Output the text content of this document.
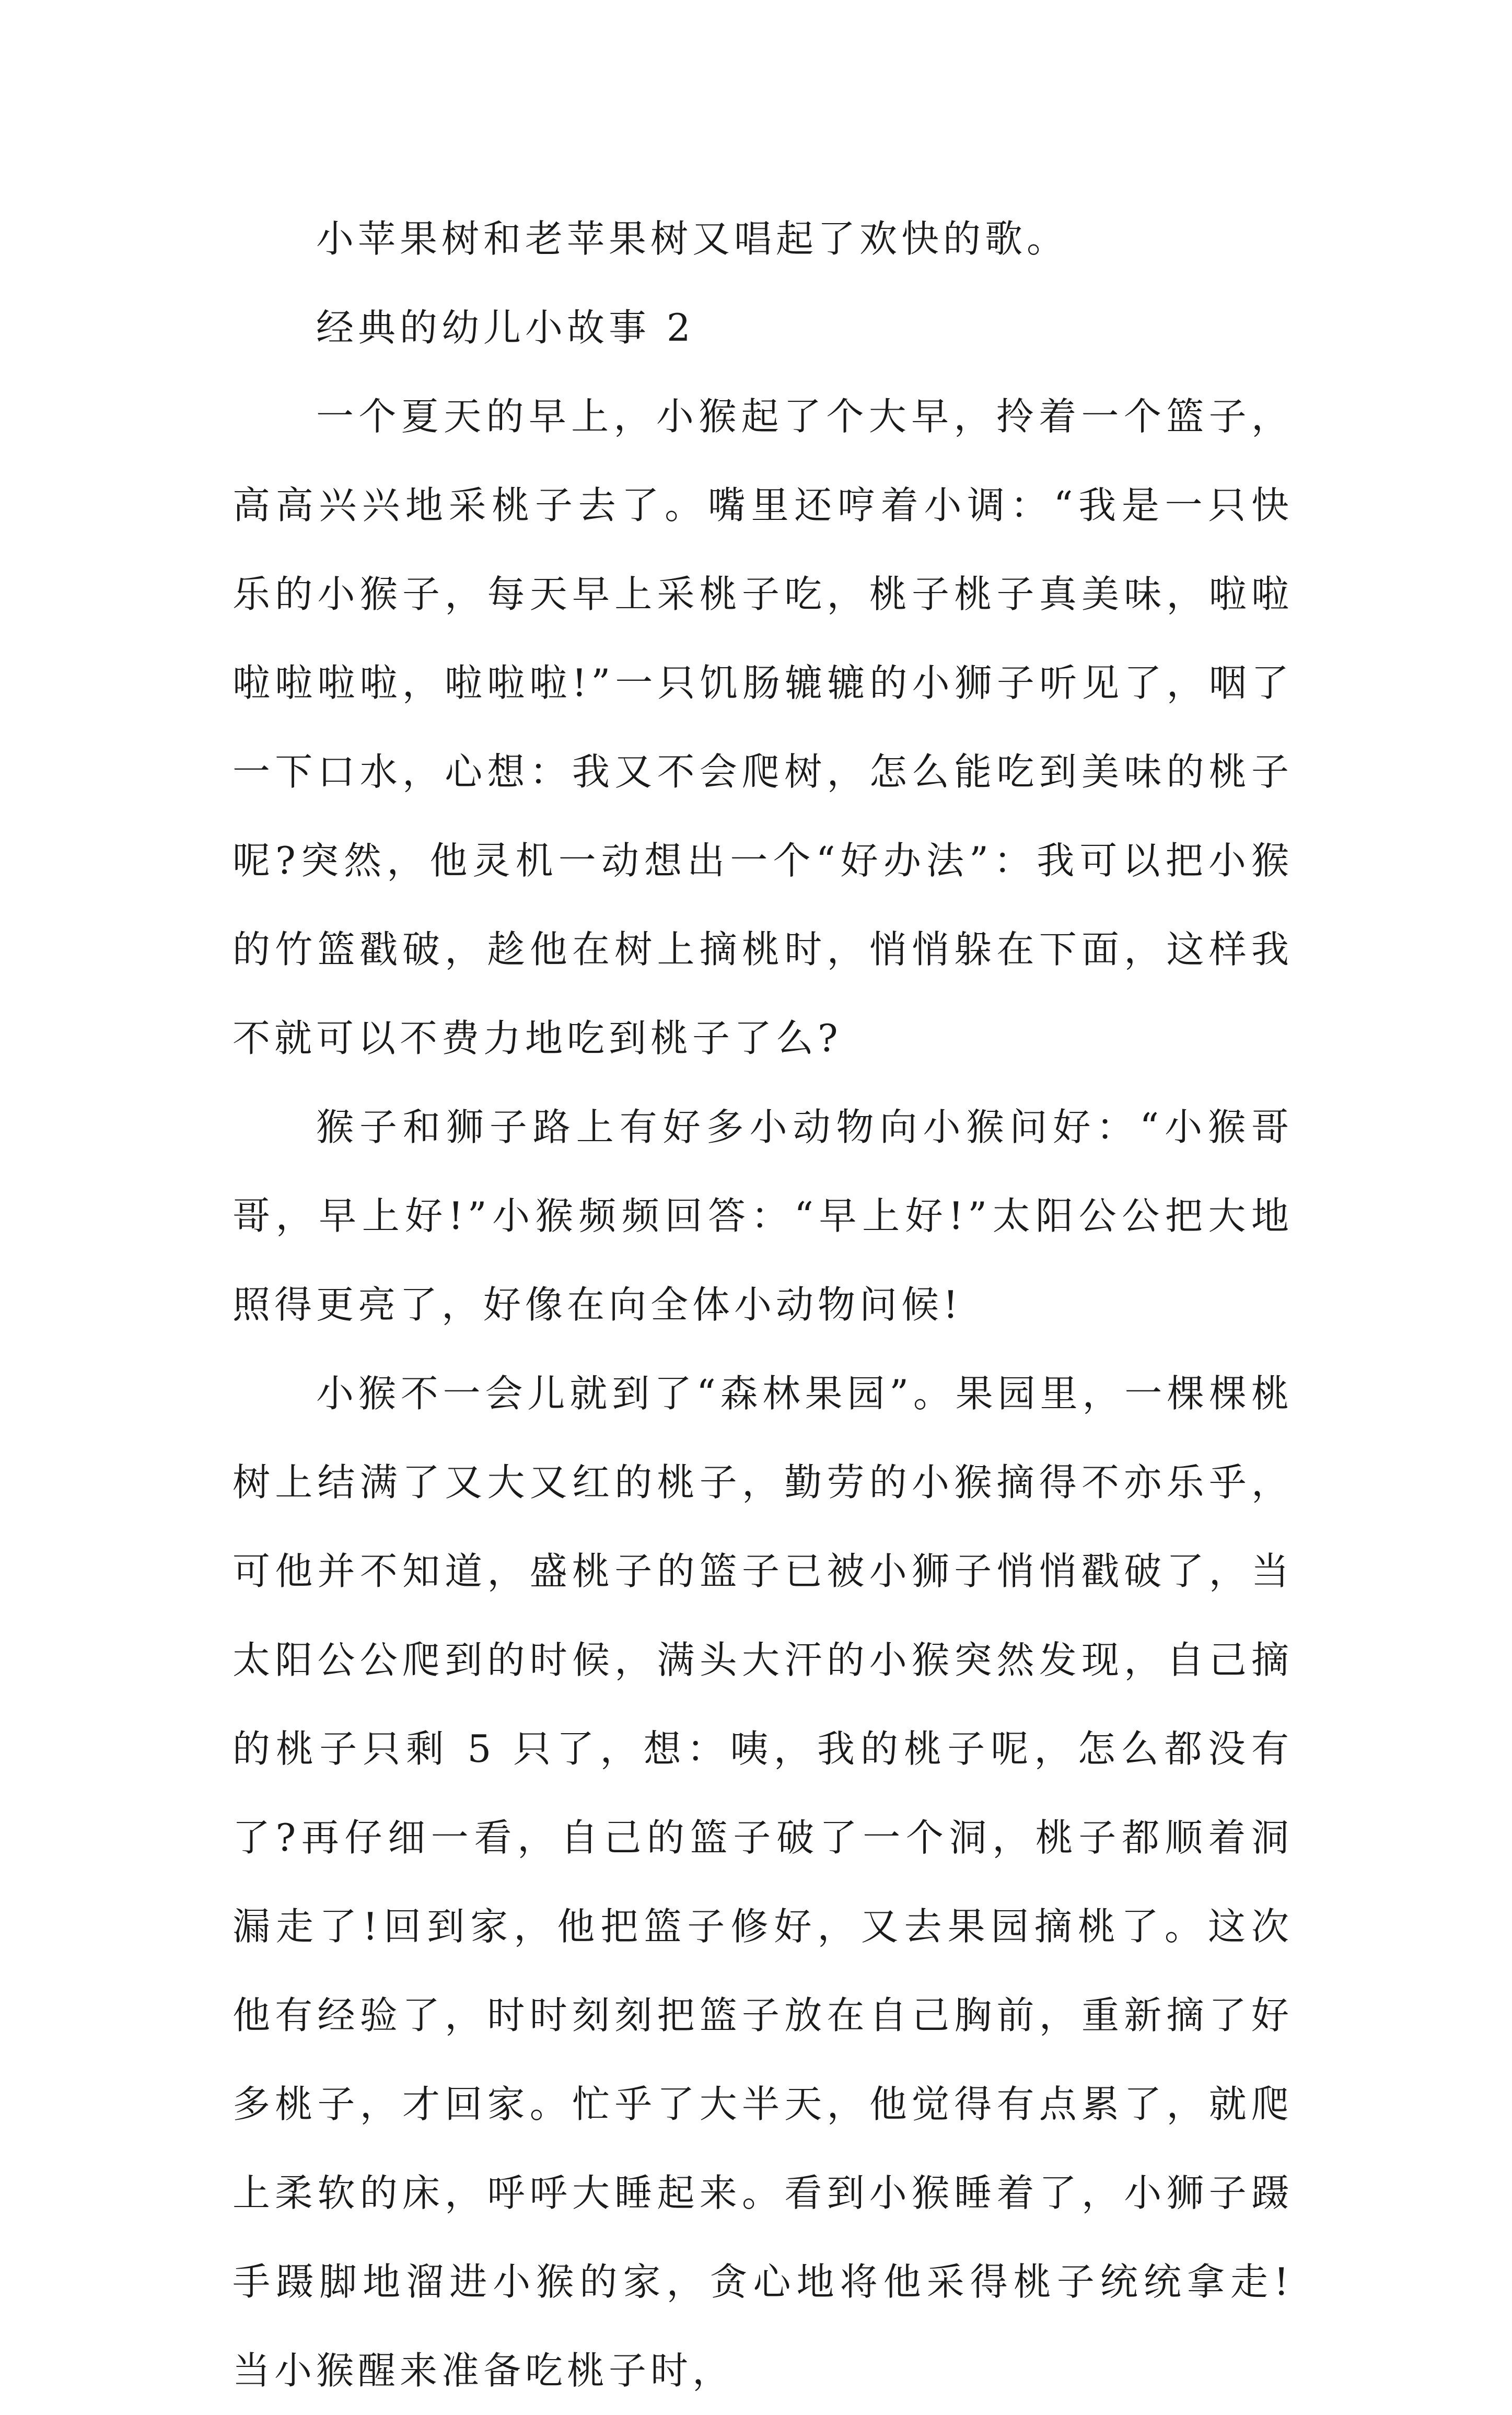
小苹果树和老苹果树又唱起了欢快的歌。

经典的幼儿小故事 2

一个夏天的早上，小猴起了个大早，拎着一个篮子，高高兴兴地采桃子去了。嘴里还哼着小调：“我是一只快乐的小猴子，每天早上采桃子吃，桃子桃子真美味，啦啦啦啦啦啦，啦啦啦!”一只饥肠辘辘的小狮子听见了，咽了一下口水，心想：我又不会爬树，怎么能吃到美味的桃子呢?突然，他灵机一动想出一个“好办法”：我可以把小猴的竹篮戳破，趁他在树上摘桃时，悄悄躲在下面，这样我不就可以不费力地吃到桃子了么?

猴子和狮子路上有好多小动物向小猴问好：“小猴哥哥，早上好!”小猴频频回答：“早上好!”太阳公公把大地照得更亮了，好像在向全体小动物问候!

小猴不一会儿就到了“森林果园”。果园里，一棵棵桃树上结满了又大又红的桃子，勤劳的小猴摘得不亦乐乎，可他并不知道，盛桃子的篮子已被小狮子悄悄戳破了，当太阳公公爬到的时候，满头大汗的小猴突然发现，自己摘的桃子只剩 5 只了，想：咦，我的桃子呢，怎么都没有了?再仔细一看，自己的篮子破了一个洞，桃子都顺着洞漏走了!回到家，他把篮子修好，又去果园摘桃了。这次他有经验了，时时刻刻把篮子放在自己胸前，重新摘了好多桃子，才回家。忙乎了大半天，他觉得有点累了，就爬上柔软的床，呼呼大睡起来。看到小猴睡着了，小狮子蹑手蹑脚地溜进小猴的家，贪心地将他采得桃子统统拿走!当小猴醒来准备吃桃子时，
